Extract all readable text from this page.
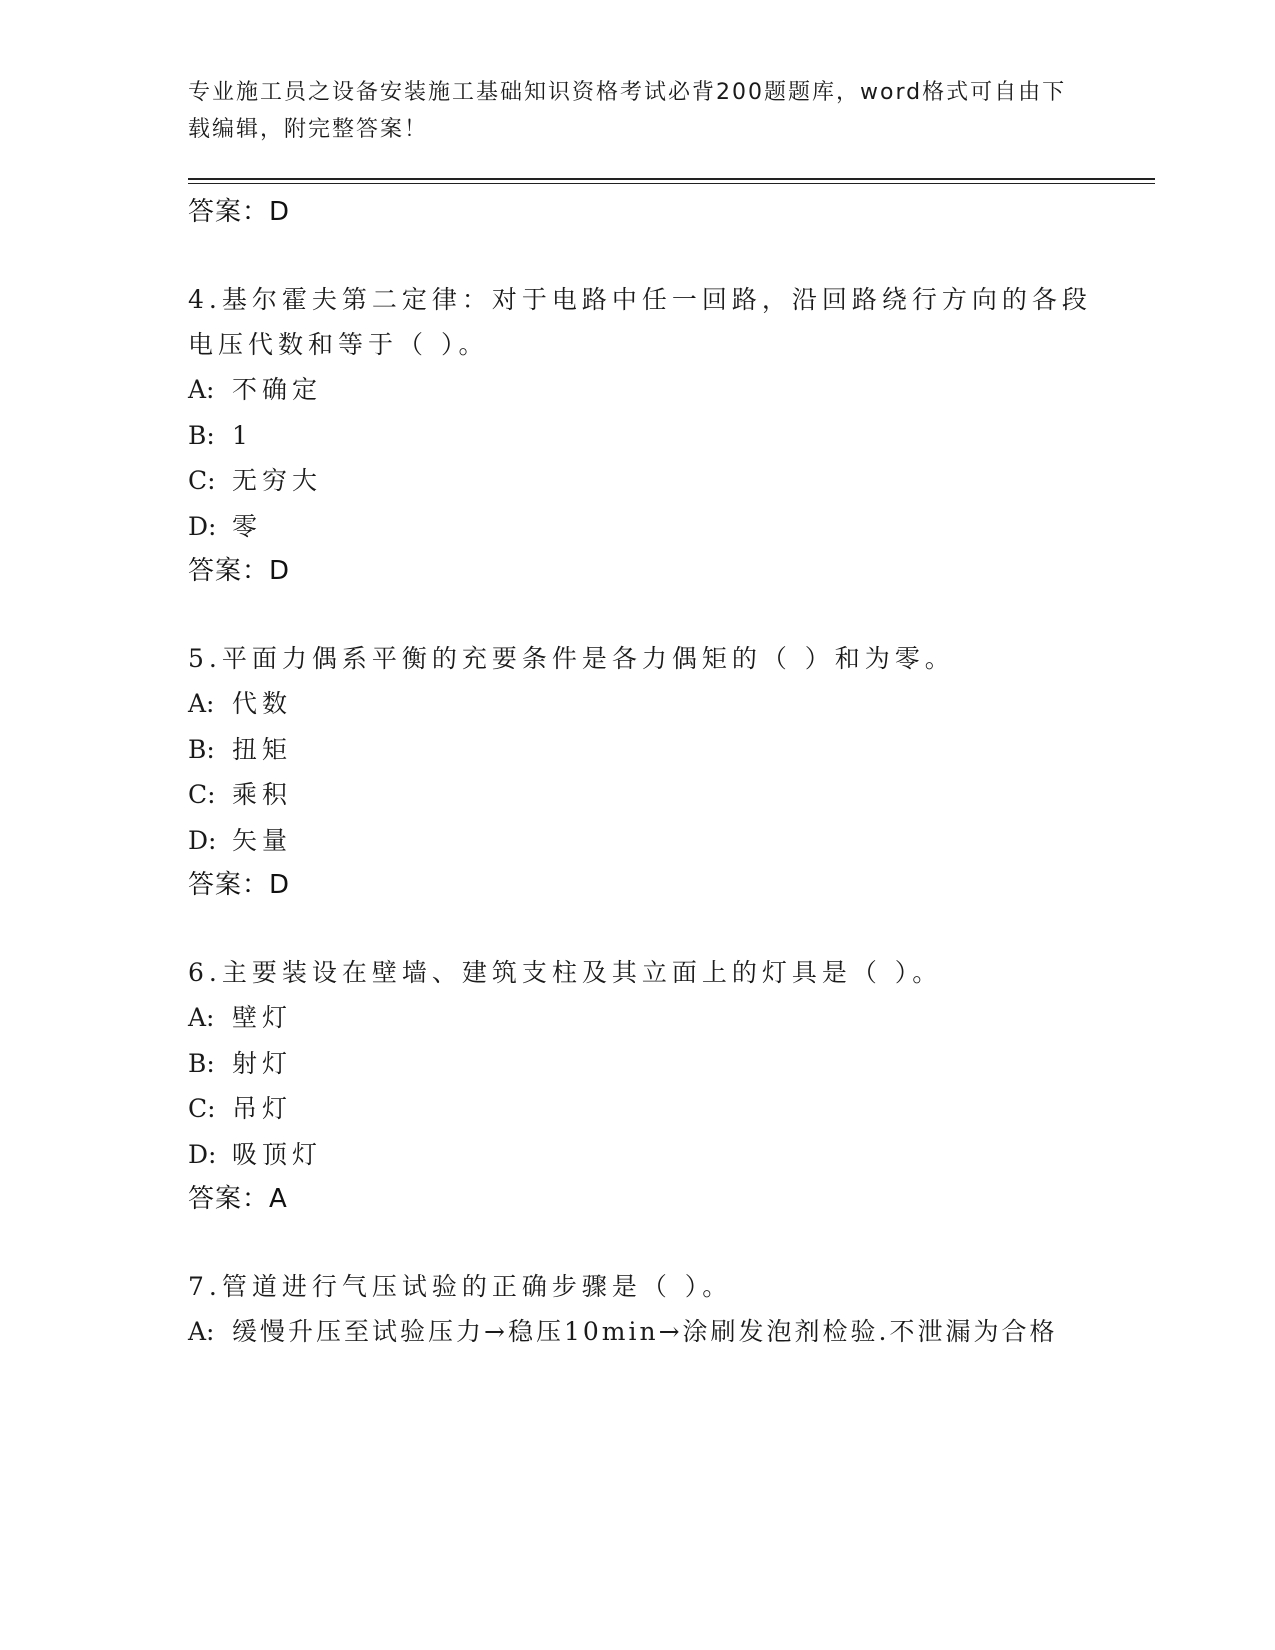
专业施工员之设备安装施工基础知识资格考试必背200题题库，word格式可自由下载编辑，附完整答案！
答案：D
4.基尔霍夫第二定律：对于电路中任一回路，沿回路绕行方向的各段电压代数和等于（ ）。
A: 不确定
B: 1
C: 无穷大
D: 零
答案：D
5.平面力偶系平衡的充要条件是各力偶矩的（ ）和为零。
A: 代数
B: 扭矩
C: 乘积
D: 矢量
答案：D
6.主要装设在壁墙、建筑支柱及其立面上的灯具是（ ）。
A: 壁灯
B: 射灯
C: 吊灯
D: 吸顶灯
答案：A
7.管道进行气压试验的正确步骤是（ ）。
A: 缓慢升压至试验压力→稳压10min→涂刷发泡剂检验.不泄漏为合格
